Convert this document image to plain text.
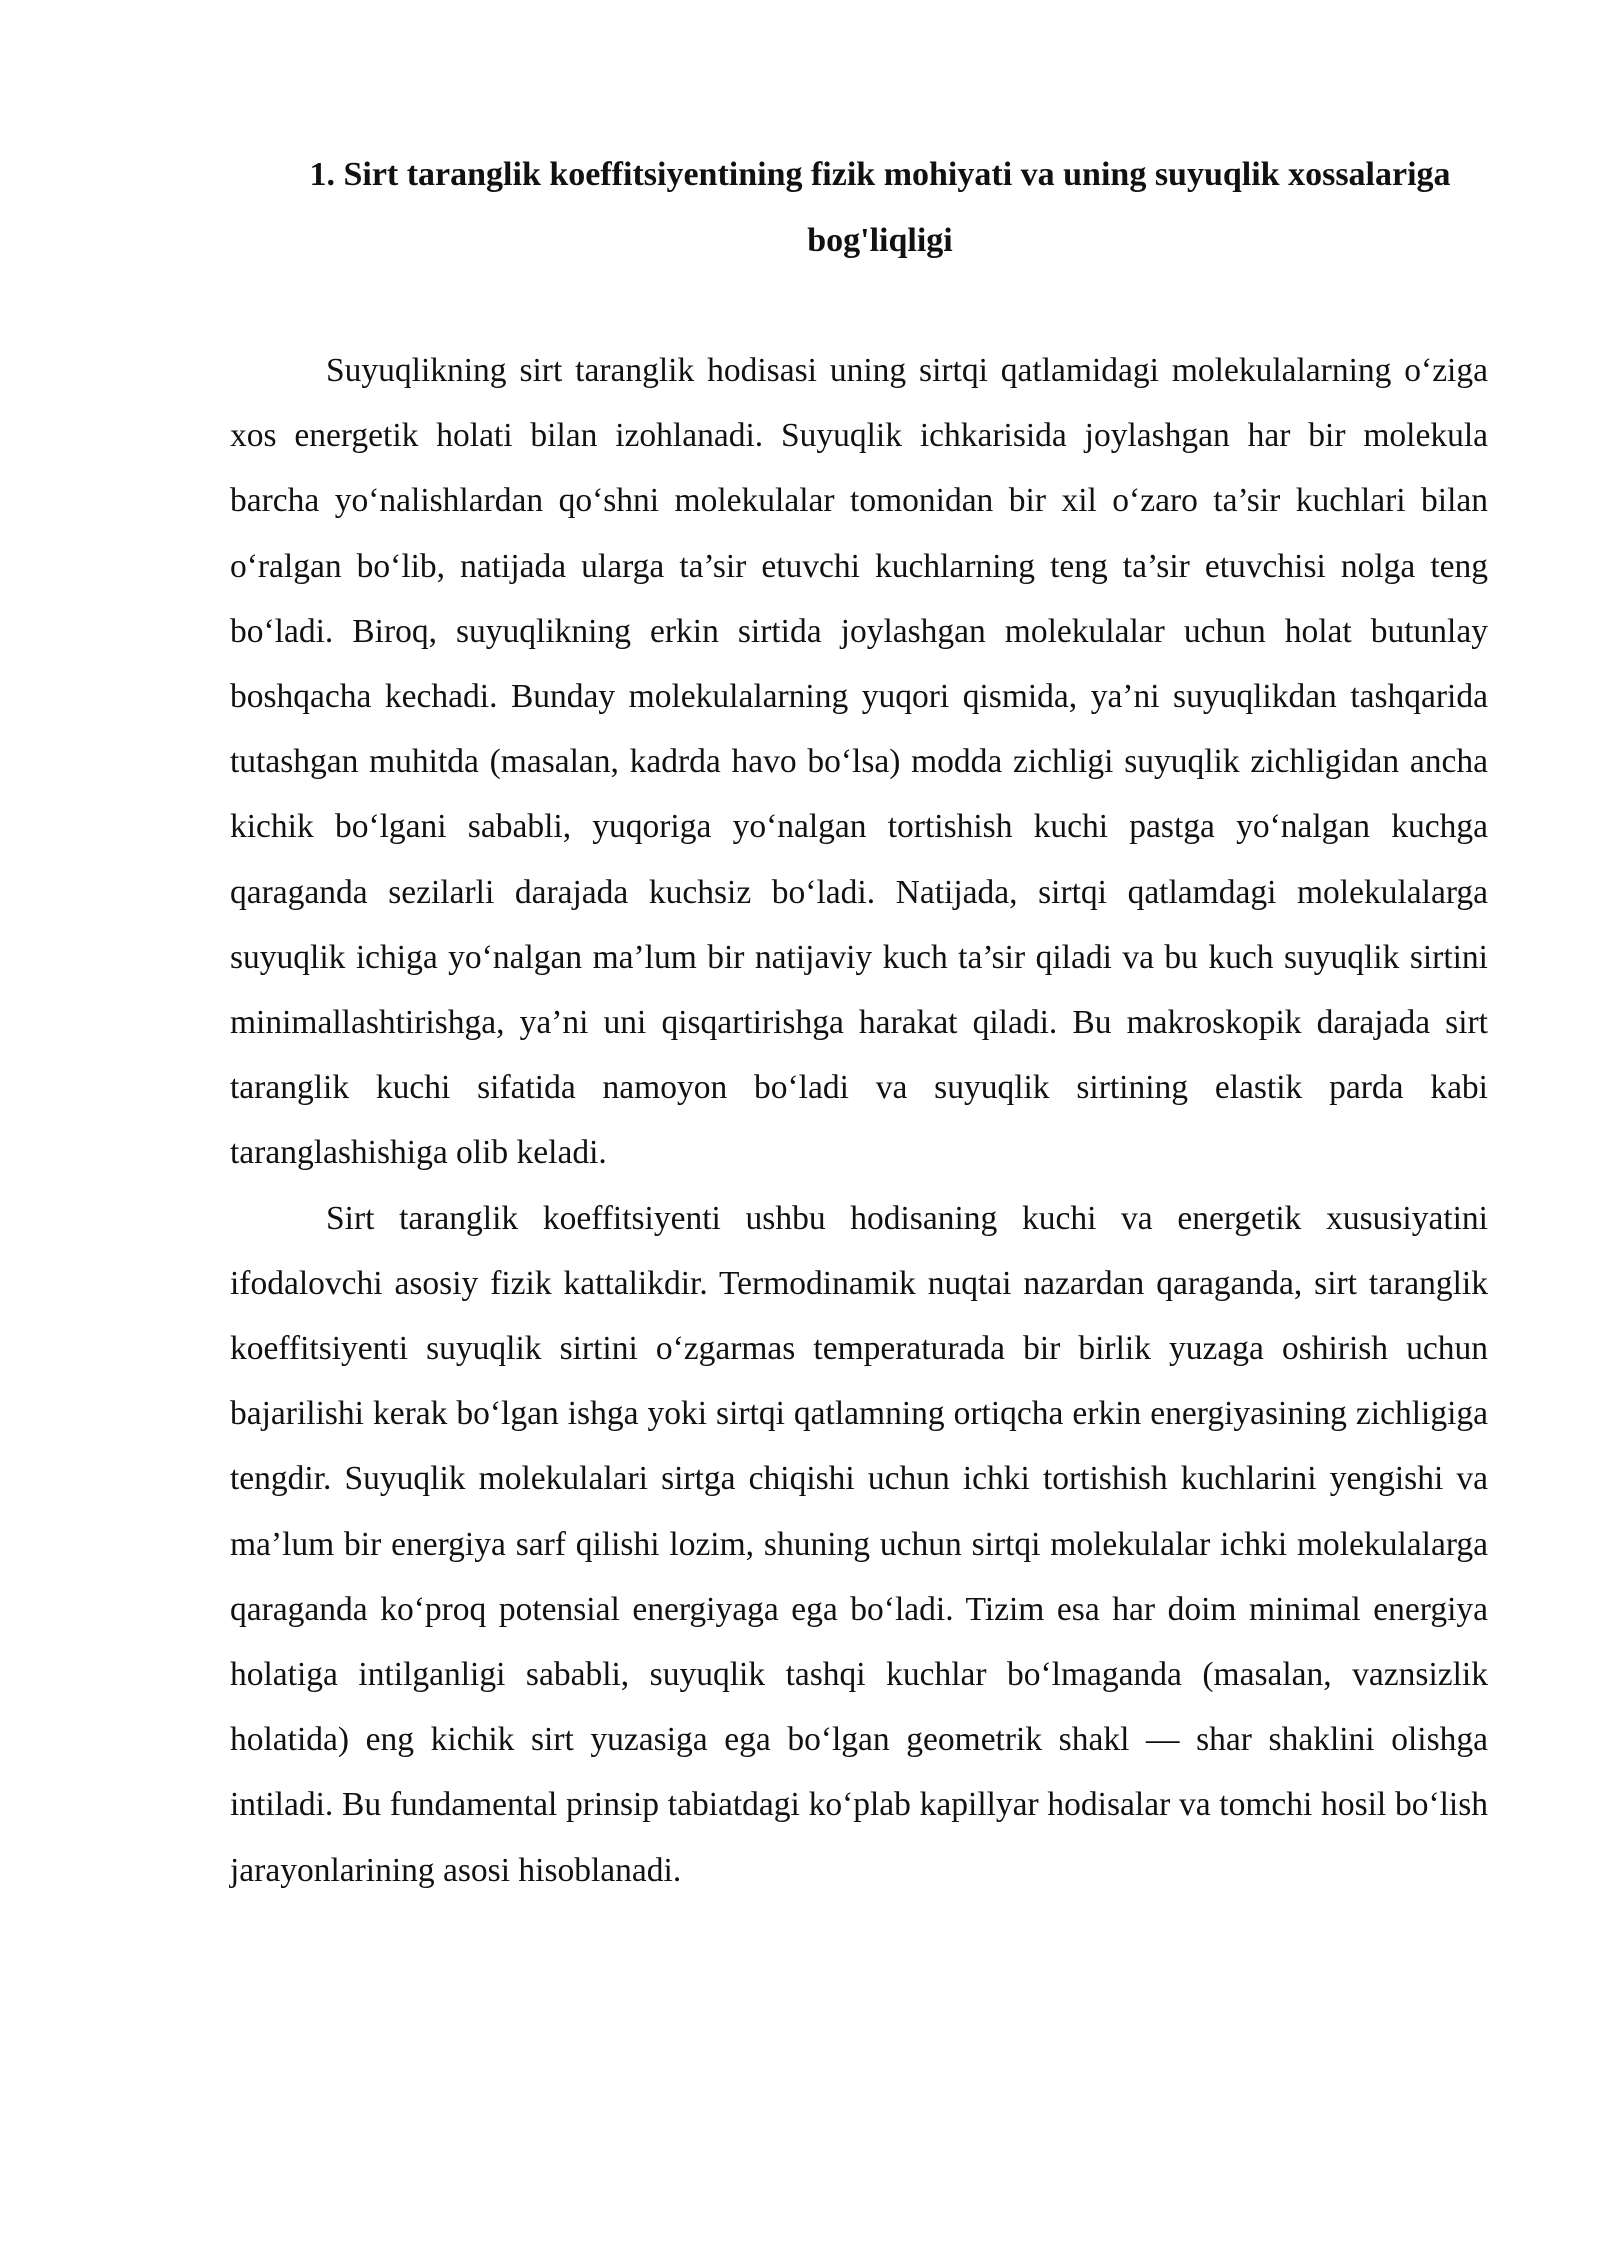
1. Sirt taranglik koeffitsiyentining fizik mohiyati va uning suyuqlik xossalariga bog'liqligi

Suyuqlikning sirt taranglik hodisasi uning sirtqi qatlamidagi molekulalarning o‘ziga xos energetik holati bilan izohlanadi. Suyuqlik ichkarisida joylashgan har bir molekula barcha yo‘nalishlardan qo‘shni molekulalar tomonidan bir xil o‘zaro ta’sir kuchlari bilan o‘ralgan bo‘lib, natijada ularga ta’sir etuvchi kuchlarning teng ta’sir etuvchisi nolga teng bo‘ladi. Biroq, suyuqlikning erkin sirtida joylashgan molekulalar uchun holat butunlay boshqacha kechadi. Bunday molekulalarning yuqori qismida, ya’ni suyuqlikdan tashqarida tutashgan muhitda (masalan, kadrda havo bo‘lsa) modda zichligi suyuqlik zichligidan ancha kichik bo‘lgani sababli, yuqoriga yo‘nalgan tortishish kuchi pastga yo‘nalgan kuchga qaraganda sezilarli darajada kuchsiz bo‘ladi. Natijada, sirtqi qatlamdagi molekulalarga suyuqlik ichiga yo‘nalgan ma’lum bir natijaviy kuch ta’sir qiladi va bu kuch suyuqlik sirtini minimallashtirishga, ya’ni uni qisqartirishga harakat qiladi. Bu makroskopik darajada sirt taranglik kuchi sifatida namoyon bo‘ladi va suyuqlik sirtining elastik parda kabi taranglashishiga olib keladi.

Sirt taranglik koeffitsiyenti ushbu hodisaning kuchi va energetik xususiyatini ifodalovchi asosiy fizik kattalikdir. Termodinamik nuqtai nazardan qaraganda, sirt taranglik koeffitsiyenti suyuqlik sirtini o‘zgarmas temperaturada bir birlik yuzaga oshirish uchun bajarilishi kerak bo‘lgan ishga yoki sirtqi qatlamning ortiqcha erkin energiyasining zichligiga tengdir. Suyuqlik molekulalari sirtga chiqishi uchun ichki tortishish kuchlarini yengishi va ma’lum bir energiya sarf qilishi lozim, shuning uchun sirtqi molekulalar ichki molekulalarga qaraganda ko‘proq potensial energiyaga ega bo‘ladi. Tizim esa har doim minimal energiya holatiga intilganligi sababli, suyuqlik tashqi kuchlar bo‘lmaganda (masalan, vaznsizlik holatida) eng kichik sirt yuzasiga ega bo‘lgan geometrik shakl — shar shaklini olishga intiladi. Bu fundamental prinsip tabiatdagi ko‘plab kapillyar hodisalar va tomchi hosil bo‘lish jarayonlarining asosi hisoblanadi.
